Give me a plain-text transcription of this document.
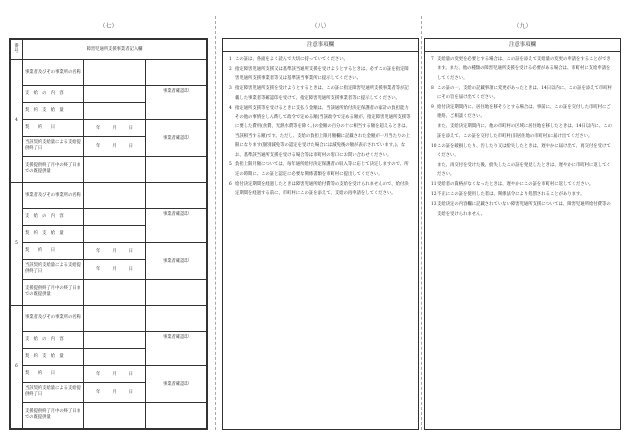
（七）
番号	障害児通所支援事業者記入欄		
4	事業者及びその事業所の名称		
	支　給　の　内　容		事業者確認印
	契　約　支　給　量		
	契　　約　　日	年 月 日	事業者確認印
	当該契約支給量による支給提供終了日	年 月 日	
	支援提供終了月中の終了日までの既提供量		
5	事業者及びその事業所の名称		
	支　給　の　内　容		事業者確認印
	契　約　支　給　量		
	契　　約　　日	年 月 日	事業者確認印
	当該契約支給量による支給提供終了日	年 月 日	
	支援提供終了月中の終了日までの既提供量		
6	事業者及びその事業所の名称		
	支　給　の　内　容		事業者確認印
	契　約　支　給　量		
	契　　約　　日	年 月 日	事業者確認印
	当該契約支給量による支給提供終了日	年 月 日	
	支援提供終了月中の終了日までの既提供量		
（八）
注意事項欄
1 この証は、各面をよく読んで大切に持っていてください。
2 指定障害児通所支援又は基準該当通所支援を受けようとするときは、必ずこの証を指定障害児通所支援事業者等又は基準該当事業所に提示してください。
3 指定障害児通所支援を受けようとするときは、この証に指定障害児通所支援事業者等が記載した事業者等確認印を受けて、指定障害児通所支援事業者等に提示してください。
4 指定通所支援等を受けるときに支払う金額は、当該通所給付決定保護者の家計の負担能力その他の事情をしん酌して政令で定める額(当該政令で定める額が、指定障害児通所支援等に要した費用(食費、光熱水費等を除く。)の金額の百分の十に相当する額を超えるときは、当該相当する額)です。ただし、支給の負担上限月額欄に記載された金額が一月当たりの上限になります(個別減免等の認定を受けた場合には減免後の額が表示されています。)。なお、基準該当通所支援を受ける場合等は市町村の窓口にお問い合わせください。
5 負担上限月額については、毎年通所給付決定保護者の収入等に応じて決定しますので、所定の時期に、この証と認定に必要な関係書類を市町村に提出してください。
6 給付決定期間を経過したときは障害児通所給付費等の支給を受けられませんので、給付決定期間を経過する前に、市町村にこの証を添えて、支給の再申請をしてください。
（九）
注意事項欄
7 支給量の変更を必要とする場合は、この証を添えて支給量の変更の申請をすることができます。また、他の種類の障害児通所支援を受ける必要がある場合は、市町村に支給申請をしてください。
8 この証の一、支給の記載事項に変更があったときは、14日以内に、この証を添えて市町村にその旨を届け出てください。
9 給付決定期間内に、居住地を移そうとする場合は、事前に、この証を交付した市町村にご連絡、ご相談ください。
また、支給決定期間内に、他の市町村の区域に居住地を移したときは、14日以内に、この証を添えて、この証を交付した市町村(旧居住地の市町村)に届け出てください。
10この証を破損したり、汚したり又は紛失したときは、遅やかに届け出て、再交付を受けてください。
また、再交付を受けた後、紛失したこの証を発見したときは、遅やかに市町村に返してください。
11受給者の資格がなくなったときは、遅やかにこの証を市町村に返してください。
12不正にこの証を使用した者は、関係法令により処罰されることがあります。
13支給決定の内容欄に記載されていない障害児通所支援については、障害児通所給付費等の支給を受けられません。
